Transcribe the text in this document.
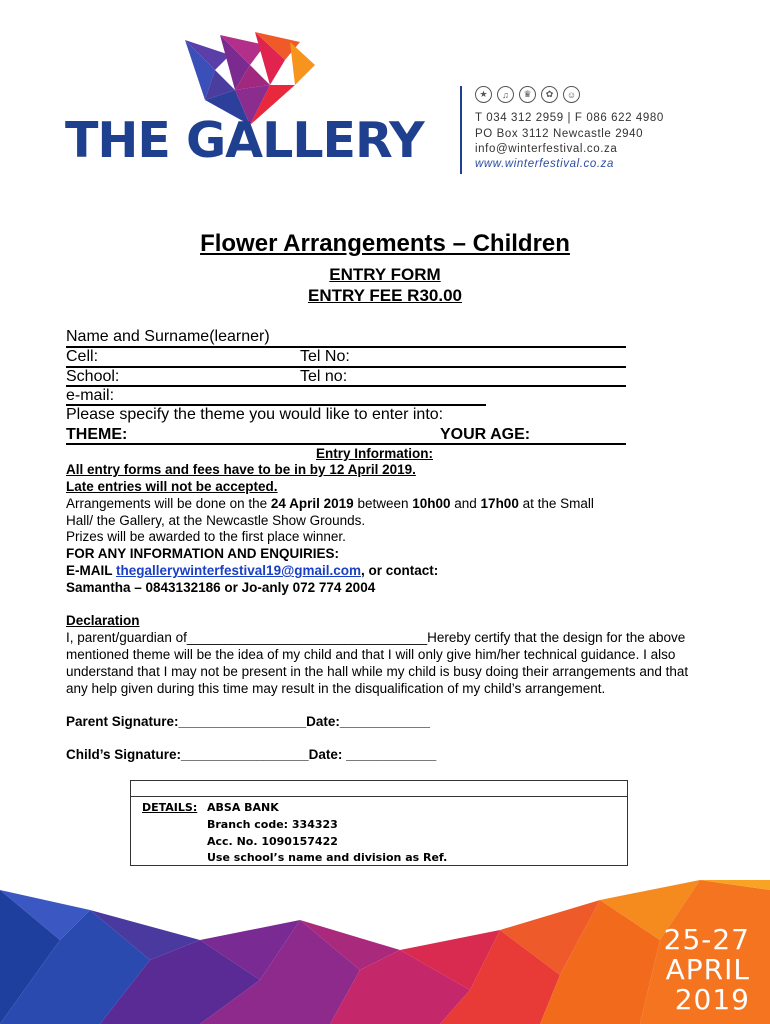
THE GALLERY
★	♫	♛	✿	☺
T 034 312 2959 | F 086 622 4980
PO Box 3112 Newcastle 2940
info@winterfestival.co.za
www.winterfestival.co.za
Flower Arrangements – Children
ENTRY FORM
ENTRY FEE R30.00
Name and Surname(learner)
Cell:	Tel No:
School:	Tel no:
e-mail:
Please specify the theme you would like to enter into:
THEME:	YOUR AGE:
Entry Information:
All entry forms and fees have to be in by 12 April 2019.
Late entries will not be accepted.
Arrangements will be done on the 24 April 2019 between 10h00 and 17h00 at the Small
Hall/ the Gallery, at the Newcastle Show Grounds.
Prizes will be awarded to the first place winner.
FOR ANY INFORMATION AND ENQUIRIES:
E-MAIL thegallerywinterfestival19@gmail.com, or contact:
Samantha – 0843132186 or Jo-anly 072 774 2004
Declaration
I, parent/guardian of________________________________Hereby certify that the design for the above mentioned theme will be the idea of my child and that I will only give him/her technical guidance. I also understand that I may not be present in the hall while my child is busy doing their arrangements and that any help given during this time may result in the disqualification of my child’s arrangement.
Parent Signature:_________________Date:____________
Child’s Signature:_________________Date: ____________
DETAILS: ABSA BANK
Branch code: 334323
Acc. No. 1090157422
Use school’s name and division as Ref.
25-27
APRIL
2019
